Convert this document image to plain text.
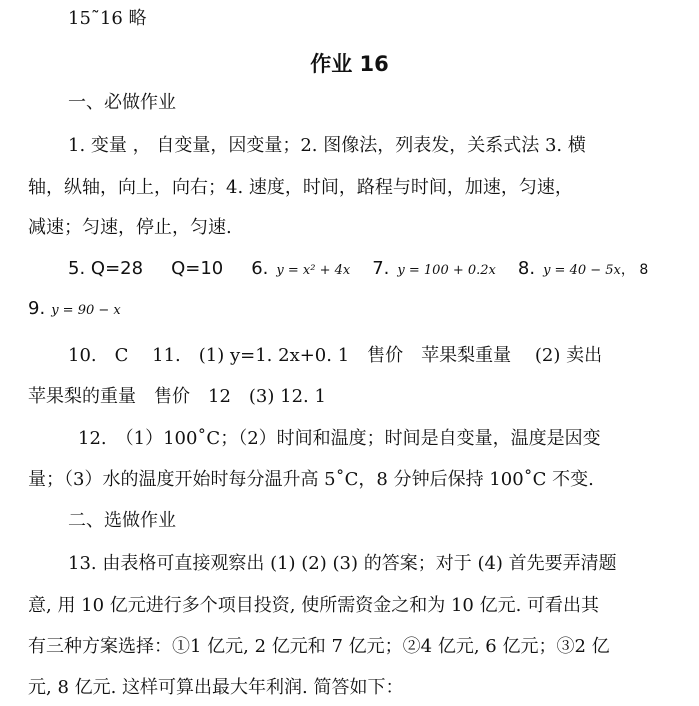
15˜16 略
作业 16
一、必做作业
1. 变量 ， 自变量，因变量；2. 图像法，列表发，关系式法 3. 横
轴，纵轴，向上，向右；4. 速度，时间，路程与时间，加速，匀速，
减速；匀速，停止，匀速.
5. Q=28 Q=10 6. y = x² + 4x 7. y = 100 + 0.2x 8. y = 40 − 5x， 8
9. y = 90 − x
10.　C　 11.　(1) y=1. 2x+0. 1　售价　苹果梨重量　 (2) 卖出
苹果梨的重量　售价　12　(3) 12. 1
12.　（1）100˚C；（2）时间和温度；时间是自变量，温度是因变
量；（3）水的温度开始时每分温升高 5˚C，8 分钟后保持 100˚C 不变.
二、选做作业
13. 由表格可直接观察出 (1) (2) (3) 的答案；对于 (4) 首先要弄清题
意, 用 10 亿元进行多个项目投资, 使所需资金之和为 10 亿元. 可看出其
有三种方案选择：①1 亿元, 2 亿元和 7 亿元；②4 亿元, 6 亿元；③2 亿
元, 8 亿元. 这样可算出最大年利润. 简答如下：
